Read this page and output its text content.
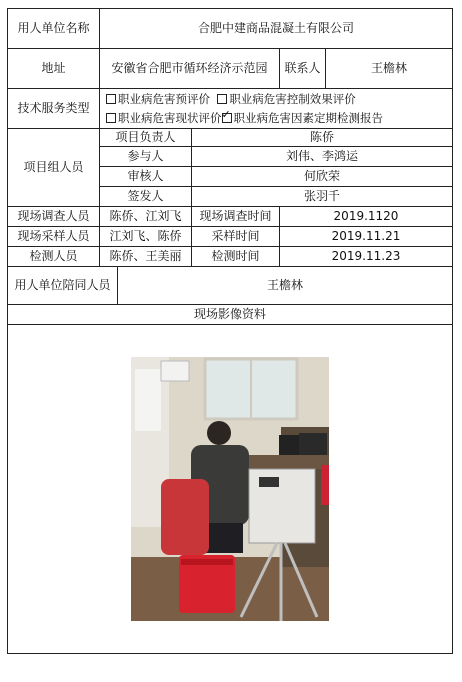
用人单位名称	合肥中建商品混凝土有限公司				
地址	安徽省合肥市循环经济示范园			联系人	王檐林
技术服务类型	职业病危害预评价 职业病危害控制效果评价
职业病危害现状评价 ✓ 职业病危害因素定期检测报告
项目组人员	项目负责人		陈侨		
	参与人		刘伟、李鸿运		
	审核人		何欣荣		
	签发人		张羽千		
现场调查人员	陈侨、江刘飞		现场调查时间	2019.1120	
现场采样人员	江刘飞、陈侨		采样时间	2019.11.21	
检测人员	陈侨、王美丽		检测时间	2019.11.23	
用人单位陪同人员		王檐林			
现场影像资料					
